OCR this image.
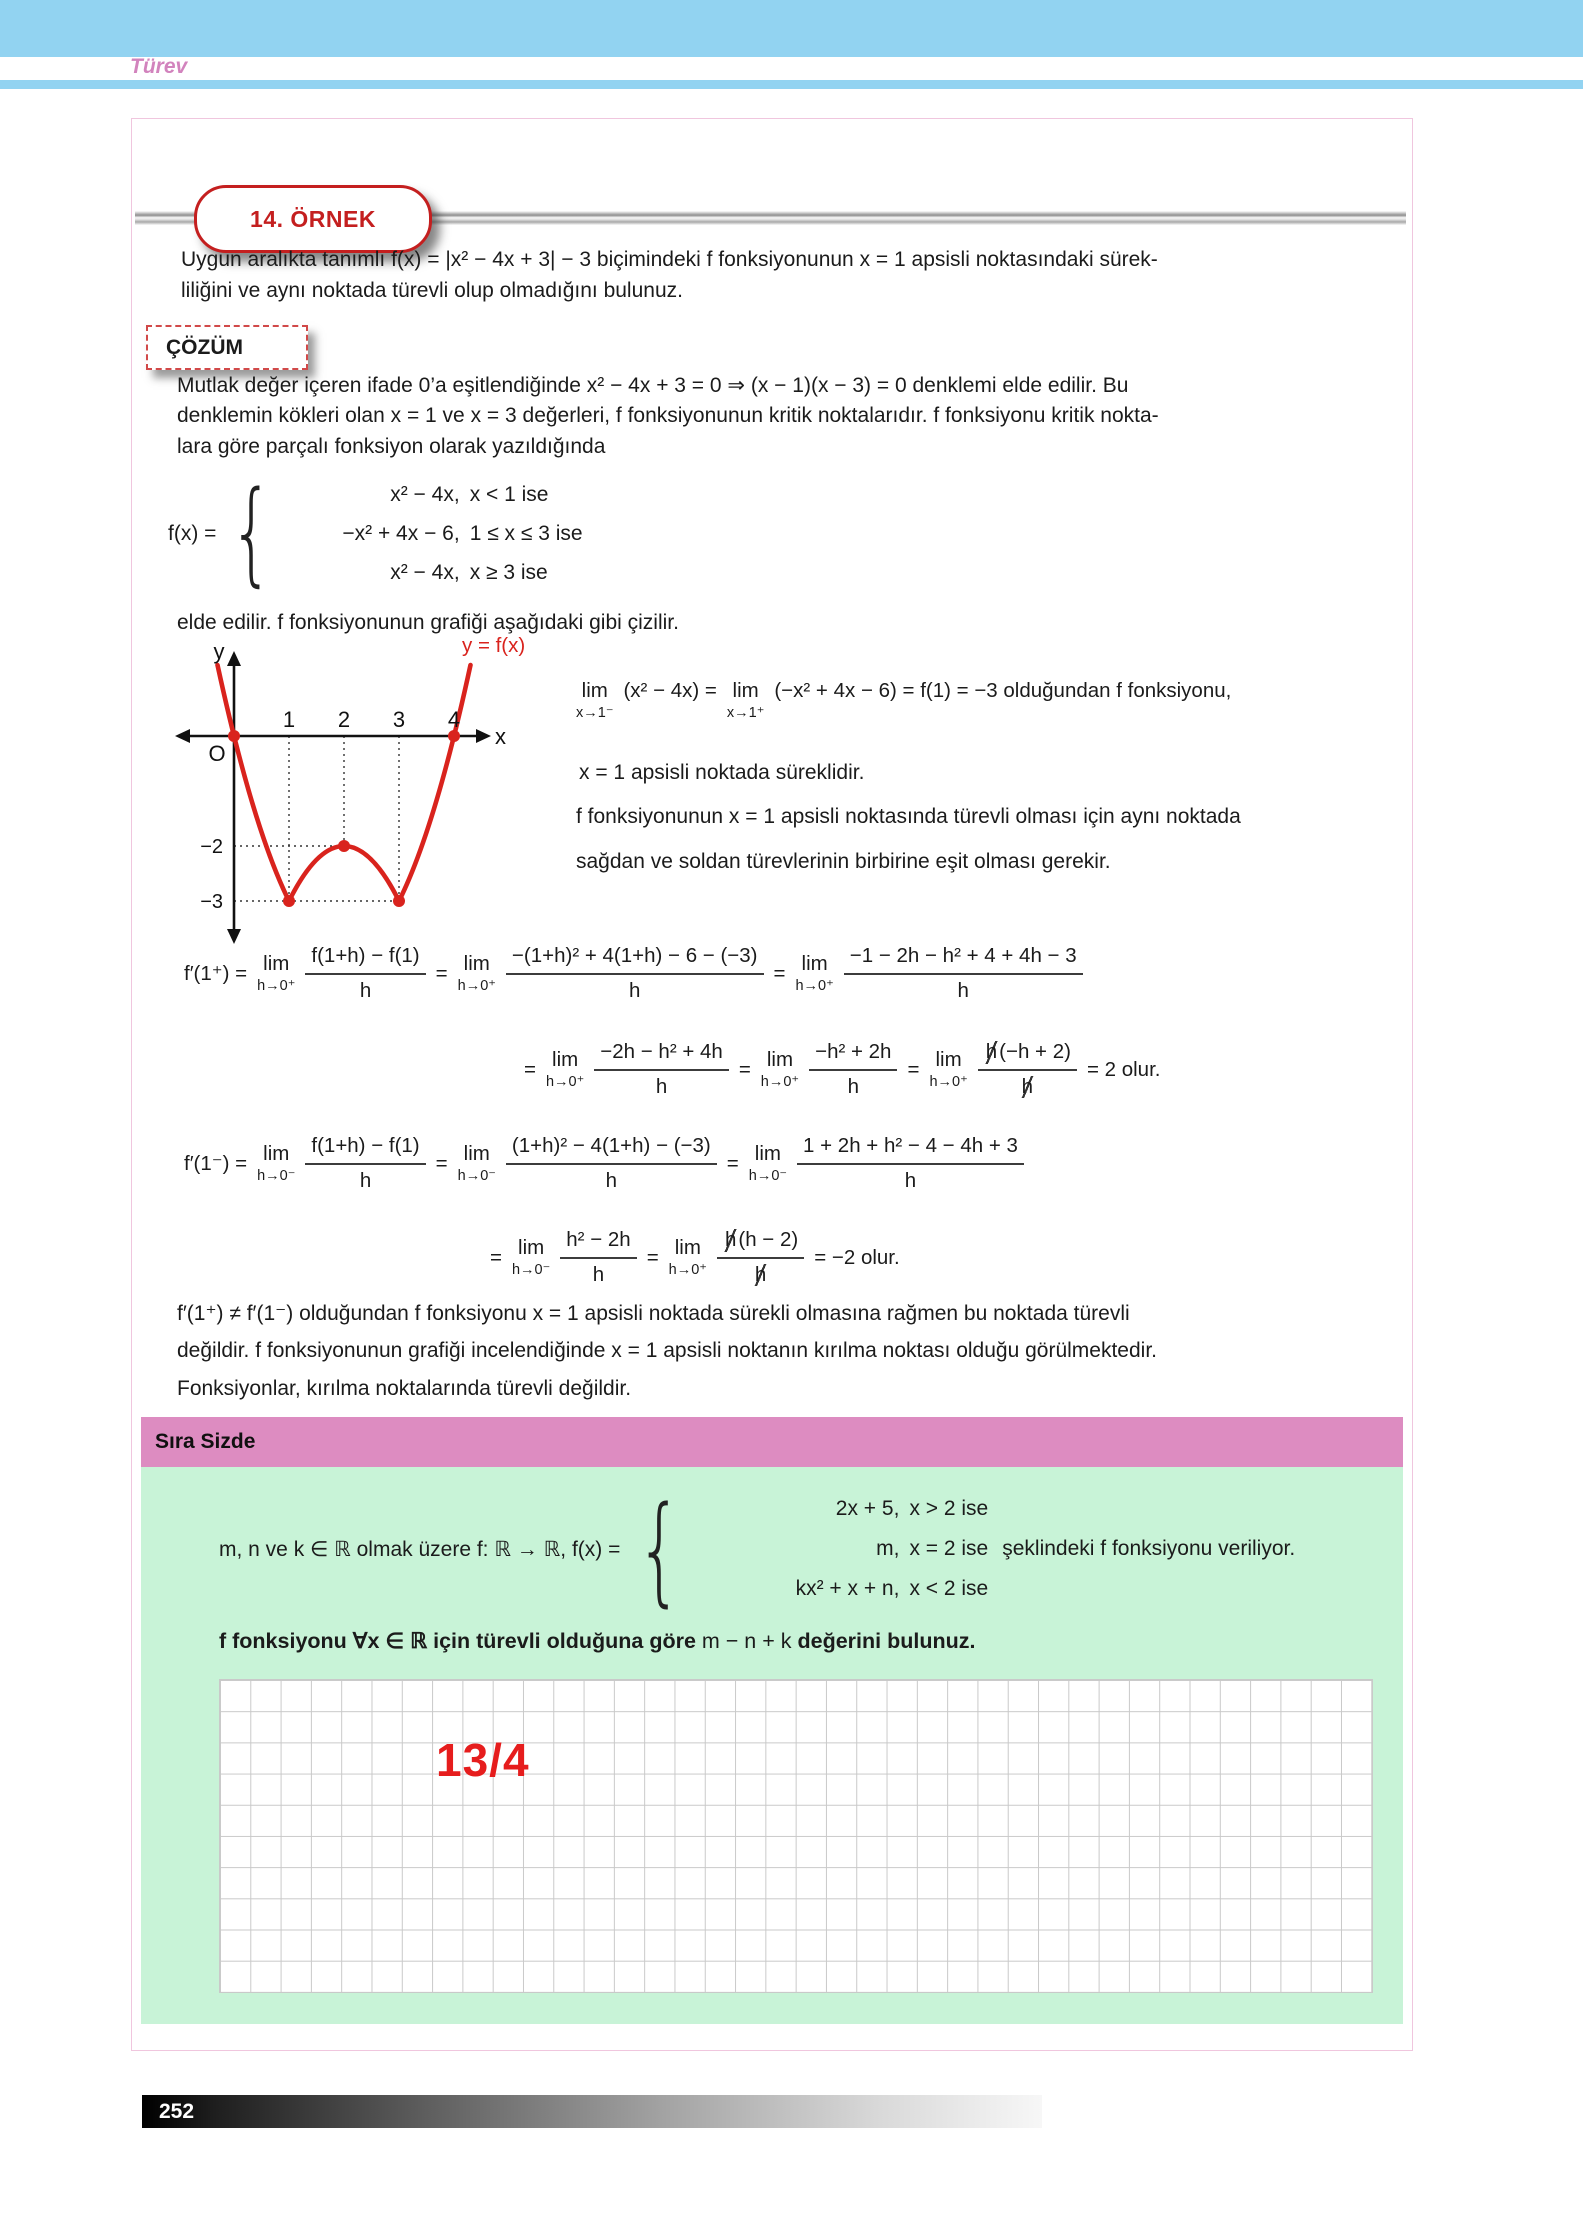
Türev
14. ÖRNEK
Uygun aralıkta tanımlı f(x) = |x² − 4x + 3| − 3 biçimindeki f fonksiyonunun x = 1 apsisli noktasındaki sürek-
liliğini ve aynı noktada türevli olup olmadığını bulunuz.
ÇÖZÜM
Mutlak değer içeren ifade 0’a eşitlendiğinde x² − 4x + 3 = 0 ⇒ (x − 1)(x − 3) = 0 denklemi elde edilir. Bu
denklemin kökleri olan x = 1 ve x = 3 değerleri, f fonksiyonunun kritik noktalarıdır. f fonksiyonu kritik nokta-
lara göre parçalı fonksiyon olarak yazıldığında
f(x) = {	x² − 4x, x < 1 ise
−x² + 4x − 6, 1 ≤ x ≤ 3 ise
x² − 4x, x ≥ 3 ise
elde edilir. f fonksiyonunun grafiği aşağıdaki gibi çizilir.
y
x
O
1 2 3 4
−2
−3
y = f(x)
lim
x→1⁻
(x² − 4x) = lim
x→1⁺
(−x² + 4x − 6) = f(1) = −3 olduğundan f fonksiyonu,
x = 1 apsisli noktada süreklidir.
f fonksiyonunun x = 1 apsisli noktasında türevli olması için aynı noktada
sağdan ve soldan türevlerinin birbirine eşit olması gerekir.
f′(1⁺) = lim
$h\to 0^+ \frac{f(1+h) - f(1)}{h} = \lim$
$h\to 0^+ \frac{\text{−(1+h)² + 4(1+h) − 6 − (−3)}}{h} = \lim$
$h\to 0^+ \frac{\text{−1 − 2h − h² + 4 + 4h − 3}}{h}$
= lim
$h\to 0^+ \frac{\text{−2h − h² + 4h}}{h} = \lim$
$h\to 0^+ \frac{\text{−h² + 2h}}{h} = \lim$
$h\to 0^+ \frac{h (-h + 2)}{h} = 2$ olur.
f′(1⁻) = lim
$h\to 0^- \frac{f(1+h) - f(1)}{h} = \lim$
$h\to 0^- \frac{\text{(1+h)² − 4(1+h) − (−3)}}{h} = \lim$
$h\to 0^- \frac{\text{1 + 2h + h² − 4 − 4h + 3}}{h}$
= lim
$h\to 0^- \frac{\text{h² − 2h}}{h} = \lim$
$h\to 0^+ \frac{h (h - 2)}{h} = -2$ olur.
f′(1⁺) ≠ f′(1⁻) olduğundan f fonksiyonu x = 1 apsisli noktada sürekli olmasına rağmen bu noktada türevli
değildir. f fonksiyonunun grafiği incelendiğinde x = 1 apsisli noktanın kırılma noktası olduğu görülmektedir.
Fonksiyonlar, kırılma noktalarında türevli değildir.
Sıra Sizde
m, n ve k ∈ ℝ olmak üzere f: ℝ → ℝ, f(x) = {	2x + 5, x > 2 ise
m, x = 2 ise
kx² + x + n, x < 2 ise
şeklindeki f fonksiyonu veriliyor.
f fonksiyonu ∀x ∈ ℝ için türevli olduğuna göre m − n + k değerini bulunuz.
13/4
252
